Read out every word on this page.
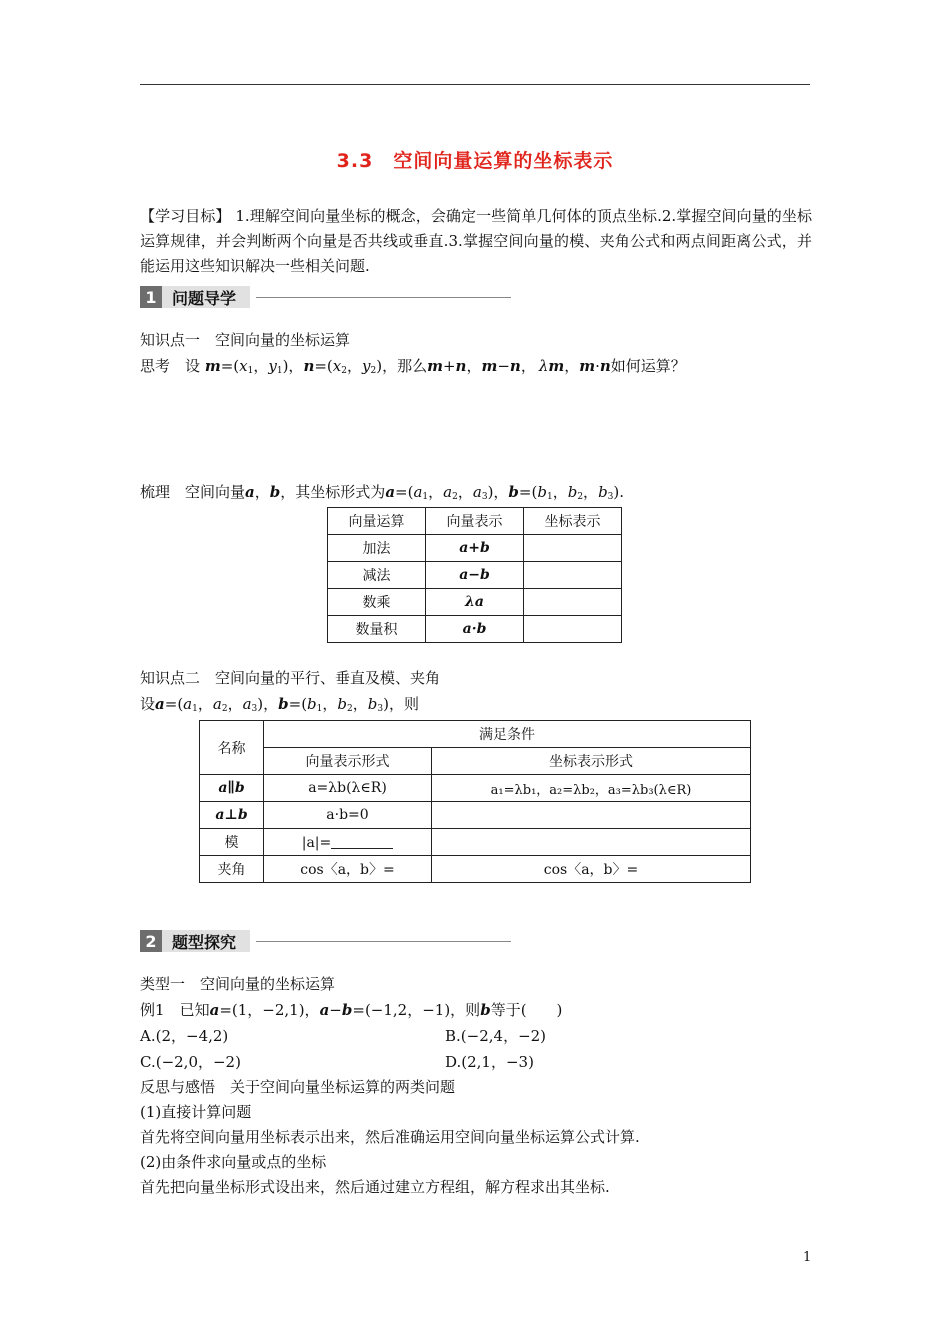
3.3　空间向量运算的坐标表示
【学习目标】 1.理解空间向量坐标的概念，会确定一些简单几何体的顶点坐标.2.掌握空间向量的坐标运算规律，并会判断两个向量是否共线或垂直.3.掌握空间向量的模、夹角公式和两点间距离公式，并能运用这些知识解决一些相关问题.
1 问题导学
知识点一　空间向量的坐标运算
思考　 设 $m=(x_1$，$y_1$)，$n=(x_2$，$y_2$)，那么m+n，m−n，  λm，m·n如何运算？
梳理　 空间向量a，b，其坐标形式为$a=(a_1$，$a_2$，$a_3$)，$b=(b_1$，$b_2$，$b_3$).
向量运算	向量表示	坐标表示
加法	a+b	
减法	a−b	
数乘	λa	
数量积	a·b	
知识点二　空间向量的平行、垂直及模、夹角
设$a=(a_1$，$a_2$，$a_3$)，$b=(b_1$，$b_2$，$b_3$)，则
名称	满足条件	
	向量表示形式	坐标表示形式
a∥b	a=λb(λ∈R)	a₁=λb₁，a₂=λb₂，a₃=λb₃(λ∈R)
a⊥b	a·b=0	
模	|a|=	
夹角	cos〈a，b〉=	cos〈a，b〉=
2 题型探究
类型一　空间向量的坐标运算
例1　 已知a=(1，−2,1)，a−b=(−1,2，−1)，则b等于(　　)
A.(2，−4,2)	B.(−2,4，−2)
C.(−2,0，−2)	D.(2,1，−3)
反思与感悟　关于空间向量坐标运算的两类问题
(1)直接计算问题
首先将空间向量用坐标表示出来，然后准确运用空间向量坐标运算公式计算.
(2)由条件求向量或点的坐标
首先把向量坐标形式设出来，然后通过建立方程组，解方程求出其坐标.
1
